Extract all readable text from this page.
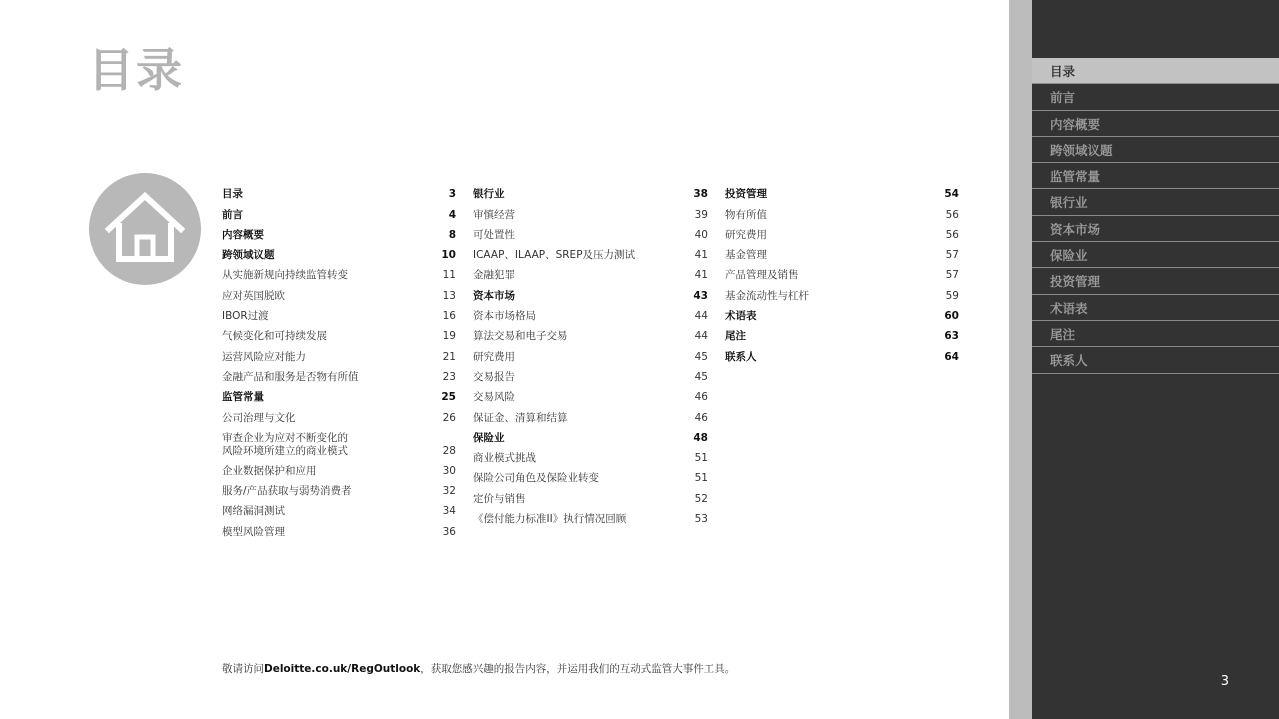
目录
目录	3
前言	4
内容概要	8
跨领域议题	10
从实施新规向持续监管转变	11
应对英国脱欧	13
IBOR过渡	16
气候变化和可持续发展	19
运营风险应对能力	21
金融产品和服务是否物有所值	23
监管常量	25
公司治理与文化	26
审查企业为应对不断变化的
风险环境所建立的商业模式	28
企业数据保护和应用	30
服务/产品获取与弱势消费者	32
网络漏洞测试	34
模型风险管理	36
银行业	38
审慎经营	39
可处置性	40
ICAAP、ILAAP、SREP及压力测试	41
金融犯罪	41
资本市场	43
资本市场格局	44
算法交易和电子交易	44
研究费用	45
交易报告	45
交易风险	46
保证金、清算和结算	46
保险业	48
商业模式挑战	51
保险公司角色及保险业转变	51
定价与销售	52
《偿付能力标准II》执行情况回顾	53
投资管理	54
物有所值	56
研究费用	56
基金管理	57
产品管理及销售	57
基金流动性与杠杆	59
术语表	60
尾注	63
联系人	64
敬请访问Deloitte.co.uk/RegOutlook，获取您感兴趣的报告内容，并运用我们的互动式监管大事件工具。
目录
前言
内容概要
跨领域议题
监管常量
银行业
资本市场
保险业
投资管理
术语表
尾注
联系人
3
